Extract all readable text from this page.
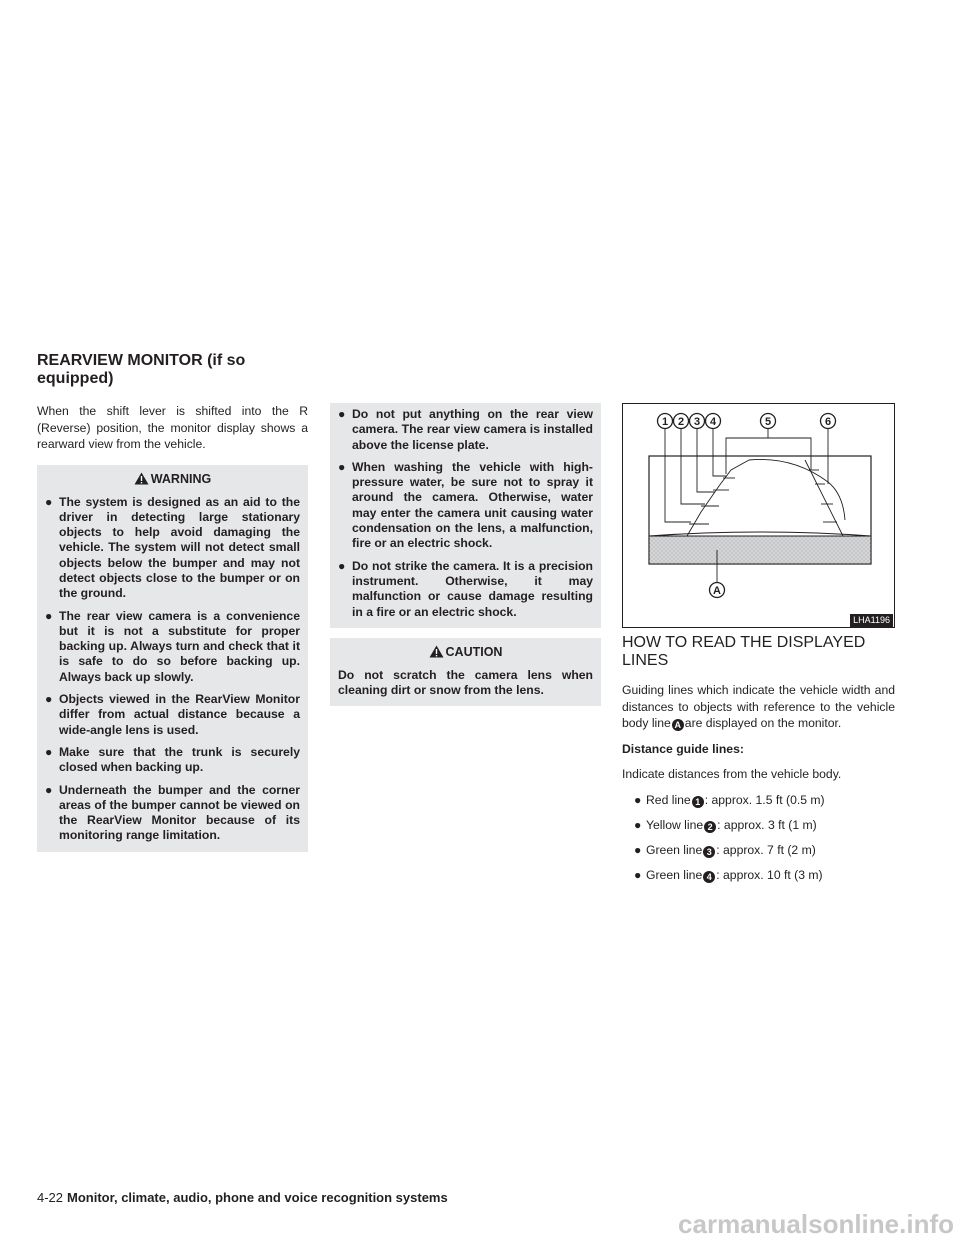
REARVIEW MONITOR (if so equipped)

When the shift lever is shifted into the R (Reverse) position, the monitor display shows a rearward view from the vehicle.

WARNING
● The system is designed as an aid to the driver in detecting large stationary objects to help avoid damaging the vehicle. The system will not detect small objects below the bumper and may not detect objects close to the bumper or on the ground.
● The rear view camera is a convenience but it is not a substitute for proper backing up. Always turn and check that it is safe to do so before backing up. Always back up slowly.
● Objects viewed in the RearView Monitor differ from actual distance because a wide-angle lens is used.
● Make sure that the trunk is securely closed when backing up.
● Underneath the bumper and the corner areas of the bumper cannot be viewed on the RearView Monitor because of its monitoring range limitation.
● Do not put anything on the rear view camera. The rear view camera is installed above the license plate.
● When washing the vehicle with high-pressure water, be sure not to spray it around the camera. Otherwise, water may enter the camera unit causing water condensation on the lens, a malfunction, fire or an electric shock.
● Do not strike the camera. It is a precision instrument. Otherwise, it may malfunction or cause damage resulting in a fire or an electric shock.
CAUTION
Do not scratch the camera lens when cleaning dirt or snow from the lens.
1 2 3 4	5	6
A
LHA1196
HOW TO READ THE DISPLAYED LINES

Guiding lines which indicate the vehicle width and distances to objects with reference to the vehicle body line A are displayed on the monitor.

Distance guide lines:

Indicate distances from the vehicle body.

● Red line 1 : approx. 1.5 ft (0.5 m)
● Yellow line 2 : approx. 3 ft (1 m)
● Green line 3 : approx. 7 ft (2 m)
● Green line 4 : approx. 10 ft (3 m)
4-22 Monitor, climate, audio, phone and voice recognition systems
carmanualsonline.info
